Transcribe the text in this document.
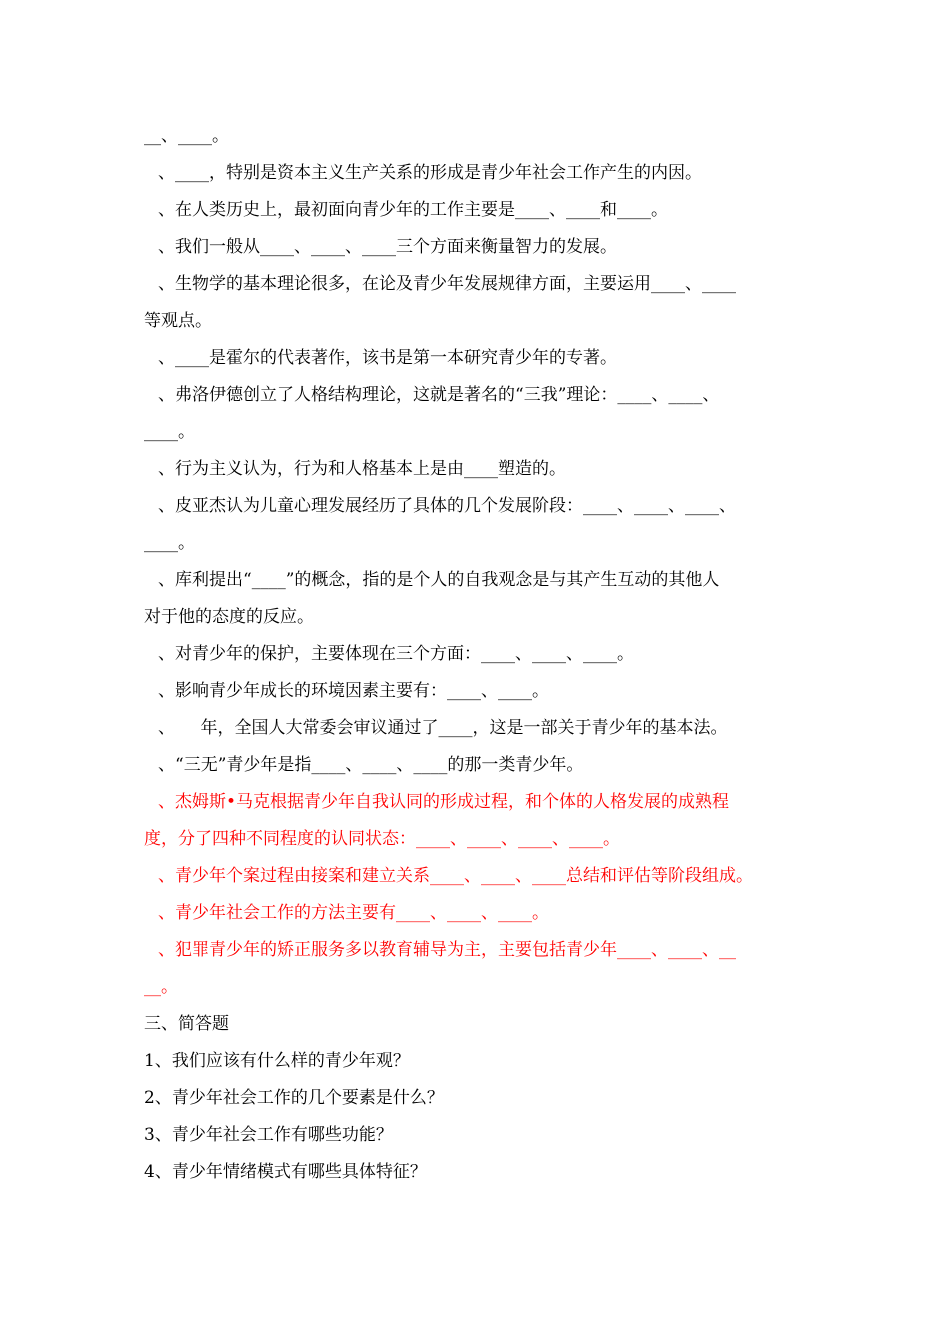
__、____。
、____，特别是资本主义生产关系的形成是青少年社会工作产生的内因。
、在人类历史上，最初面向青少年的工作主要是____、____和____。
、我们一般从____、____、____三个方面来衡量智力的发展。
、生物学的基本理论很多，在论及青少年发展规律方面，主要运用____、____
等观点。
、____是霍尔的代表著作，该书是第一本研究青少年的专著。
、弗洛伊德创立了人格结构理论，这就是著名的“三我”理论：____、____、
____。
、行为主义认为，行为和人格基本上是由____塑造的。
、皮亚杰认为儿童心理发展经历了具体的几个发展阶段：____、____、____、
____。
、库利提出“____”的概念，指的是个人的自我观念是与其产生互动的其他人
对于他的态度的反应。
、对青少年的保护，主要体现在三个方面：____、____、____。
、影响青少年成长的环境因素主要有：____、____。
、　　年，全国人大常委会审议通过了____，这是一部关于青少年的基本法。
、“三无”青少年是指____、____、____的那一类青少年。
、杰姆斯•马克根据青少年自我认同的形成过程，和个体的人格发展的成熟程
度，分了四种不同程度的认同状态：____、____、____、____。
、青少年个案过程由接案和建立关系____、____、____总结和评估等阶段组成。
、青少年社会工作的方法主要有____、____、____。
、犯罪青少年的矫正服务多以教育辅导为主，主要包括青少年____、____、__
__。
三、简答题
1、我们应该有什么样的青少年观？
2、青少年社会工作的几个要素是什么？
3、青少年社会工作有哪些功能？
4、青少年情绪模式有哪些具体特征？
